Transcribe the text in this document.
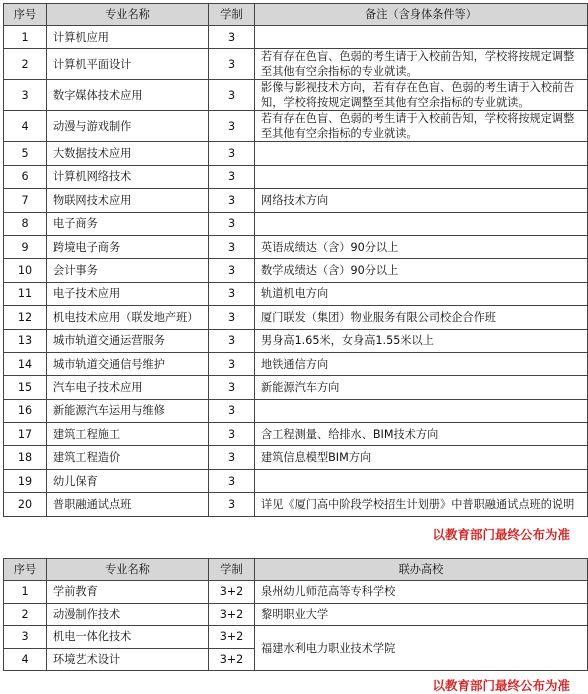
序号	专业名称	学制	备注（含身体条件等）
1	计算机应用	3	
2	计算机平面设计	3	若有存在色盲、色弱的考生请于入校前告知，学校将按规定调整至其他有空余指标的专业就读。
3	数字媒体技术应用	3	影像与影视技术方向，若有存在色盲、色弱的考生请于入校前告知，学校将按规定调整至其他有空余指标的专业就读。
4	动漫与游戏制作	3	若有存在色盲、色弱的考生请于入校前告知，学校将按规定调整至其他有空余指标的专业就读。
5	大数据技术应用	3	
6	计算机网络技术	3	
7	物联网技术应用	3	网络技术方向
8	电子商务	3	
9	跨境电子商务	3	英语成绩达（含）90分以上
10	会计事务	3	数学成绩达（含）90分以上
11	电子技术应用	3	轨道机电方向
12	机电技术应用（联发地产班）	3	厦门联发（集团）物业服务有限公司校企合作班
13	城市轨道交通运营服务	3	男身高1.65米，女身高1.55米以上
14	城市轨道交通信号维护	3	地铁通信方向
15	汽车电子技术应用	3	新能源汽车方向
16	新能源汽车运用与维修	3	
17	建筑工程施工	3	含工程测量、给排水、BIM技术方向
18	建筑工程造价	3	建筑信息模型BIM方向
19	幼儿保育	3	
20	普职融通试点班	3	详见《厦门高中阶段学校招生计划册》中普职融通试点班的说明
以教育部门最终公布为准
序号	专业名称	学制	联办高校
1	学前教育	3+2	泉州幼儿师范高等专科学校
2	动漫制作技术	3+2	黎明职业大学
3	机电一体化技术	3+2	福建水利电力职业技术学院
4	环境艺术设计	3+2	
以教育部门最终公布为准
